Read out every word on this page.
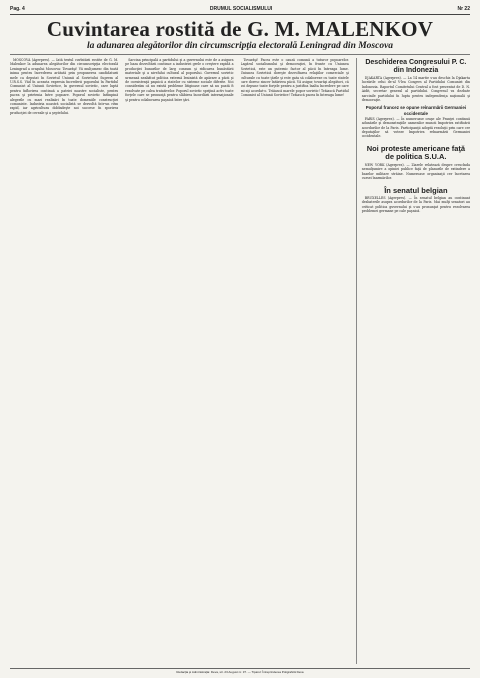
Pag. 4	DRUMUL SOCIALISMULUI	Nr 22
Cuvintarea rostită de G. M. MALENKOV
la adunarea alegătorilor din circumscripţia electorală Leningrad din Moscova

MOSCOVA (Agerpres). — Iată textul cuvîntării rostite de G. M. Malenkov la adunarea alegătorilor din circumscripţia electorală Leningrad a oraşului Moscova: Tovarăşi! Vă mulţumesc din toată inima pentru încrederea arătată prin propunerea candidaturii mele ca deputat în Sovietul Uniunii al Sovietului Suprem al U.R.S.S. Văd în aceasta expresia încrederii poporului în Partidul Comunist al Uniunii Sovietice, în guvernul sovietic, care luptă pentru înflorirea continuă a patriei noastre socialiste, pentru pacea şi prietenia între popoare. Poporul sovietic întîmpină alegerile cu mari realizări în toate domeniile construcţiei comuniste. Industria noastră socialistă se dezvoltă într-un ritm rapid, iar agricultura dobîndeşte noi succese în sporirea producţiei de cereale şi a şeptelului.

Sarcina principală a partidului şi a guvernului este de a asigura pe baza dezvoltării continue a industriei grele o creştere rapidă a producţiei bunurilor de larg consum şi ridicarea bunăstării materiale şi a nivelului cultural al poporului. Guvernul sovietic urmează neabătut politica externă leninistă de apărare a păcii şi de coexistenţă paşnică a statelor cu sisteme sociale diferite. Noi considerăm că nu există probleme litigioase care să nu poată fi rezolvate pe calea tratativelor. Poporul sovietic sprijină activ toate forţele care se pronunţă pentru slăbirea încordării internaţionale şi pentru colaborarea paşnică între ţări.

Tovarăşi! Pacea este o cauză comună a tuturor popoarelor. Lagărul socialismului şi democraţiei, în frunte cu Uniunea Sovietică, este un puternic factor al păcii în întreaga lume. Uniunea Sovietică doreşte dezvoltarea relaţiilor comerciale şi culturale cu toate ţările şi este gata să colaboreze cu toate statele care doresc sincer întărirea păcii. Vă asigur, tovarăşi alegători, că voi depune toate forţele pentru a justifica înalta încredere pe care mi-aţi acordat-o. Trăiască marele popor sovietic! Trăiască Partidul Comunist al Uniunii Sovietice! Trăiască pacea în întreaga lume!

Deschiderea Congresului P. C. din Indonezia

DJAKARTA (Agerpres). — La 14 martie s-au deschis la Djakarta lucrările celui de-al V-lea Congres al Partidului Comunist din Indonezia. Raportul Comitetului Central a fost prezentat de D. N. Aidit, secretar general al partidului. Congresul va dezbate sarcinile partidului în lupta pentru independenţa naţională şi democraţie.

Poporul francez se opune reînarmării Germaniei occidentale

PARIS (Agerpres). — În numeroase oraşe ale Franţei continuă adunările şi demonstraţiile oamenilor muncii împotriva ratificării acordurilor de la Paris. Participanţii adoptă rezoluţii prin care cer deputaţilor să voteze împotriva reînarmării Germaniei occidentale.

Noi proteste americane faţă de politica S.U.A.

NEW YORK (Agerpres). — Ziarele relatează despre crescînda nemulţumire a opiniei publice faţă de planurile de extindere a bazelor militare străine. Numeroase organizaţii cer încetarea cursei înarmărilor.

În senatul belgian

BRUXELLES (Agerpres). — În senatul belgian au continuat dezbaterile asupra acordurilor de la Paris. Mai mulţi senatori au criticat politica guvernului şi s-au pronunţat pentru rezolvarea problemei germane pe cale paşnică.

Redacţia şi Administraţia: Deva, str. 23 August nr. 37. — Tiparul: Întreprinderea Poligrafică Deva
